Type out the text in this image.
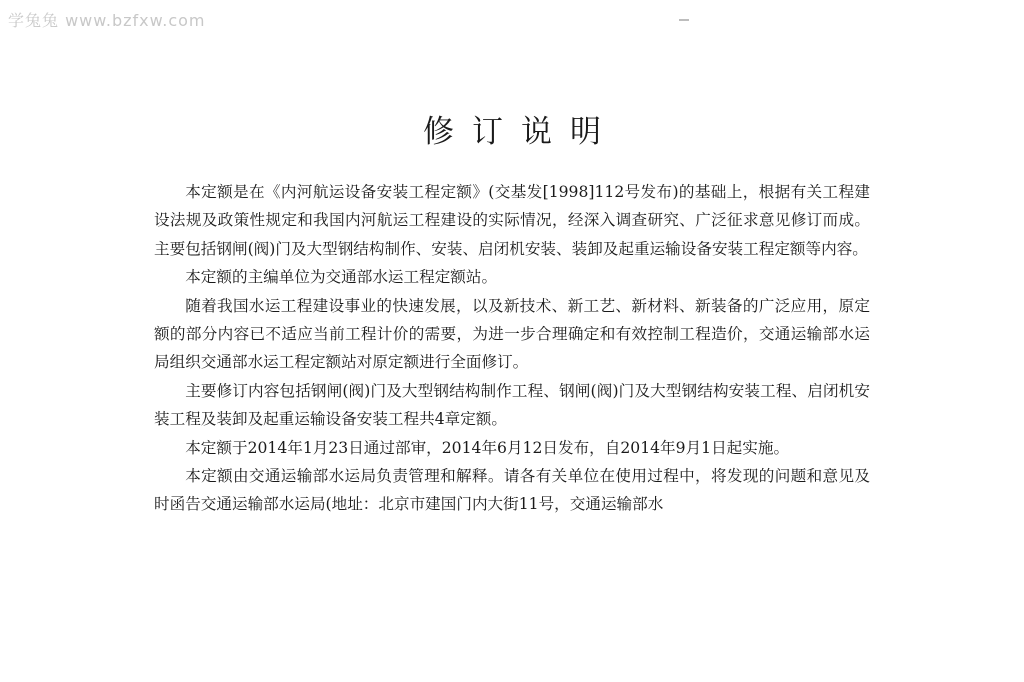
学兔兔 www.bzfxw.com
修订说明

本定额是在《内河航运设备安装工程定额》(交基发[1998]112号发布)的基础上，根据有关工程建设法规及政策性规定和我国内河航运工程建设的实际情况，经深入调查研究、广泛征求意见修订而成。主要包括钢闸(阀)门及大型钢结构制作、安装、启闭机安装、装卸及起重运输设备安装工程定额等内容。

本定额的主编单位为交通部水运工程定额站。

随着我国水运工程建设事业的快速发展，以及新技术、新工艺、新材料、新装备的广泛应用，原定额的部分内容已不适应当前工程计价的需要，为进一步合理确定和有效控制工程造价，交通运输部水运局组织交通部水运工程定额站对原定额进行全面修订。

主要修订内容包括钢闸(阀)门及大型钢结构制作工程、钢闸(阀)门及大型钢结构安装工程、启闭机安装工程及装卸及起重运输设备安装工程共4章定额。

本定额于2014年1月23日通过部审，2014年6月12日发布，自2014年9月1日起实施。

本定额由交通运输部水运局负责管理和解释。请各有关单位在使用过程中，将发现的问题和意见及时函告交通运输部水运局(地址：北京市建国门内大街11号，交通运输部水
